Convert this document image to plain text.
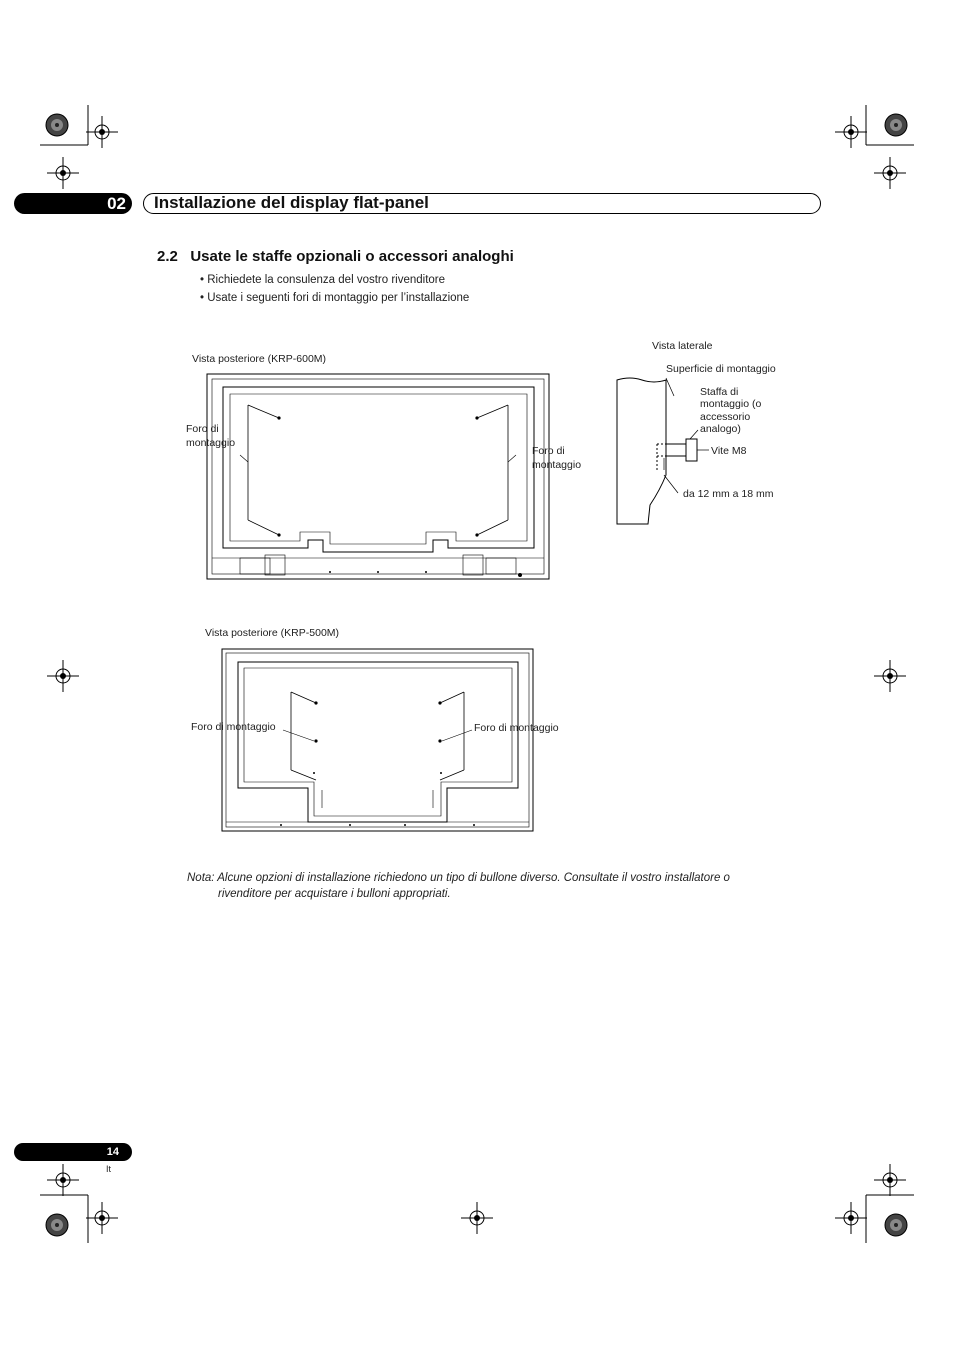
02	Installazione del display flat-panel
2.2   Usate le staffe opzionali o accessori analoghi
• Richiedete la consulenza del vostro rivenditore
• Usate i seguenti fori di montaggio per l’installazione
Vista posteriore (KRP-600M)
Foro di
montaggio
Foro di
montaggio
Vista laterale
Superficie di montaggio
Staffa di
montaggio (o
accessorio
analogo)
Vite M8
da 12 mm a 18 mm
Vista posteriore (KRP-500M)
Foro di montaggio	Foro di montaggio
Nota: Alcune opzioni di installazione richiedono un tipo di bullone diverso. Consultate il vostro installatore o
rivenditore per acquistare i bulloni appropriati.
14
It
